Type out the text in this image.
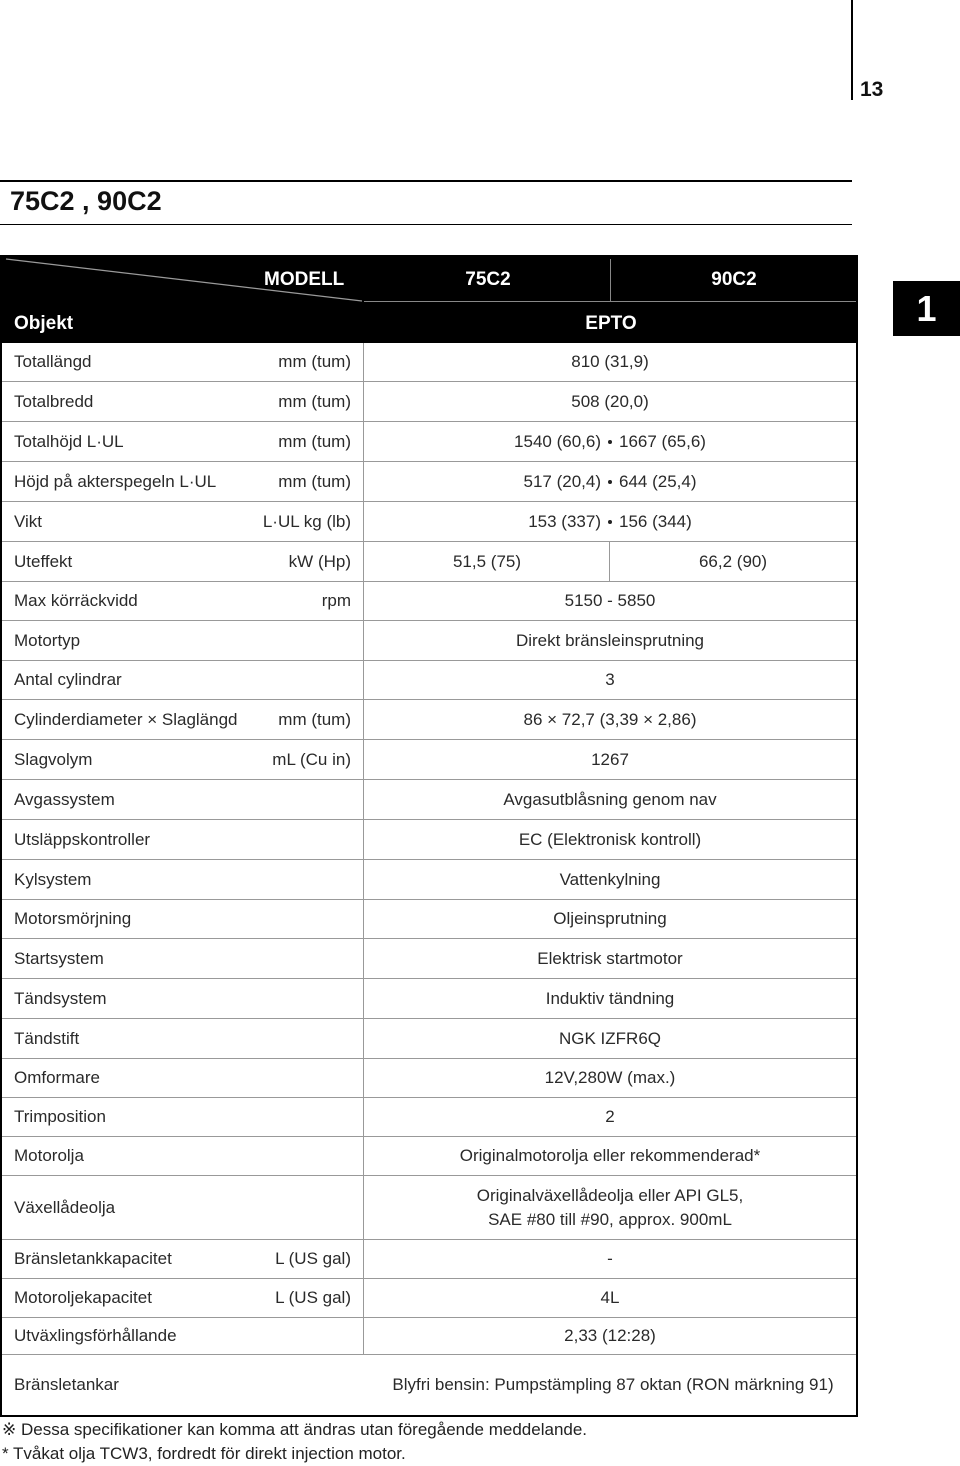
13
75C2 , 90C2
1
MODELL
Objekt
75C2	90C2
EPTO
Totallängd	mm (tum)	810 (31,9)
Totalbredd	mm (tum)	508 (20,0)
Totalhöjd L·UL	mm (tum)	1540 (60,6) 1667 (65,6)
Höjd på akterspegeln L·UL	mm (tum)	517 (20,4) 644 (25,4)
Vikt	L·UL kg (lb)	153 (337) 156 (344)
Uteffekt	kW (Hp)	51,5 (75)	66,2 (90)
Max körräckvidd	rpm	5150 - 5850
Motortyp	Direkt bränsleinsprutning
Antal cylindrar	3
Cylinderdiameter × Slaglängd mm (tum)	86 × 72,7 (3,39 × 2,86)
Slagvolym	mL (Cu in)	1267
Avgassystem	Avgasutblåsning genom nav
Utsläppskontroller	EC (Elektronisk kontroll)
Kylsystem	Vattenkylning
Motorsmörjning	Oljeinsprutning
Startsystem	Elektrisk startmotor
Tändsystem	Induktiv tändning
Tändstift	NGK IZFR6Q
Omformare	12V,280W (max.)
Trimposition	2
Motorolja	Originalmotorolja eller rekommenderad*
Växellådeolja
Originalväxellådeolja eller API GL5,
SAE #80 till #90, approx. 900mL
Bränsletankkapacitet	L (US gal)	-
Motoroljekapacitet	L (US gal)	4L
Utväxlingsförhållande	2,33 (12:28)
Bränsletankar	Blyfri bensin: Pumpstämpling 87 oktan (RON märkning 91)
※ Dessa specifikationer kan komma att ändras utan föregående meddelande.
* Tvåkat olja TCW3, fordredt för direkt injection motor.
